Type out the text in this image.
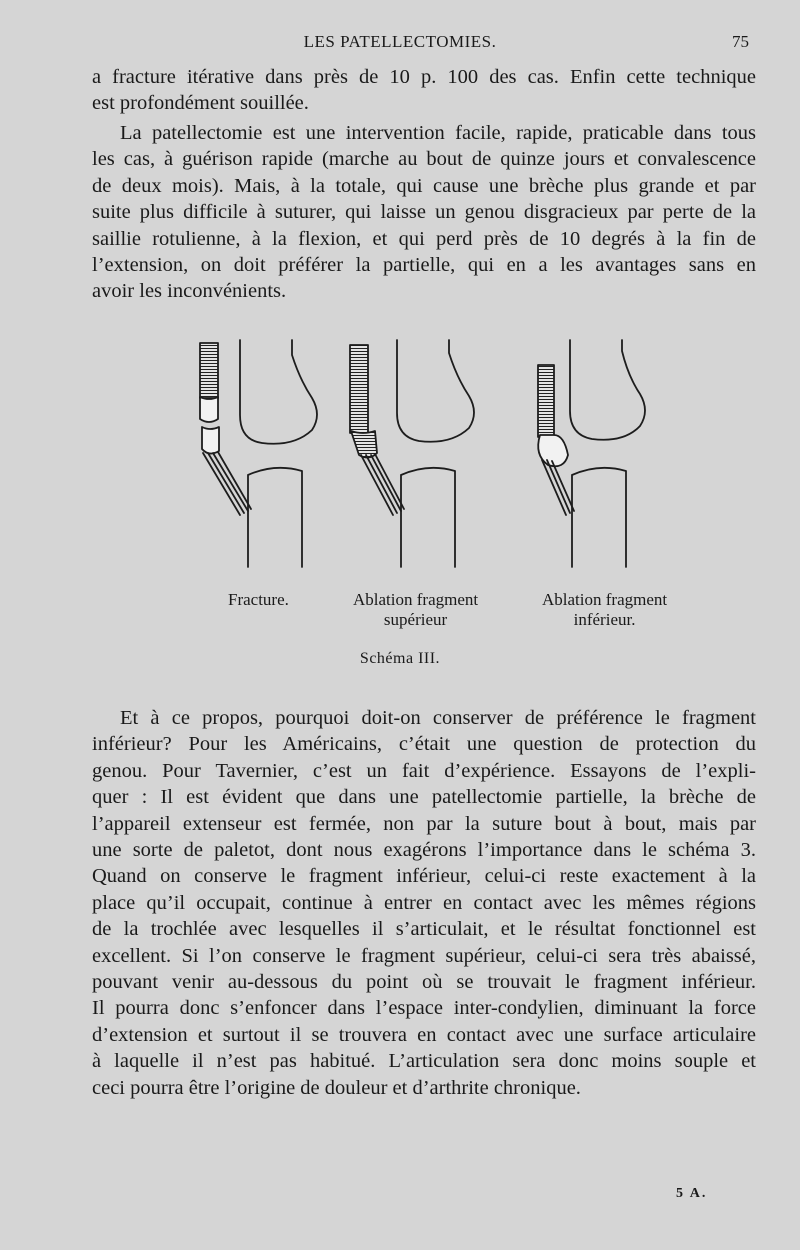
LES PATELLECTOMIES.	75

a fracture itérative dans près de 10 p. 100 des cas. Enfin cette technique
est profondément souillée.

La patellectomie est une intervention facile, rapide, praticable dans tous
les cas, à guérison rapide (marche au bout de quinze jours et convalescence
de deux mois). Mais, à la totale, qui cause une brèche plus grande et par
suite plus difficile à suturer, qui laisse un genou disgracieux par perte de la
saillie rotulienne, à la flexion, et qui perd près de 10 degrés à la fin de
l’extension, on doit préférer la partielle, qui en a les avantages sans en
avoir les inconvénients.

Fracture.	Ablation fragment
supérieur
Ablation fragment
inférieur.
Schéma III.

Et à ce propos, pourquoi doit-on conserver de préférence le fragment
inférieur? Pour les Américains, c’était une question de protection du
genou. Pour Tavernier, c’est un fait d’expérience. Essayons de l’expli-
quer : Il est évident que dans une patellectomie partielle, la brèche de
l’appareil extenseur est fermée, non par la suture bout à bout, mais par
une sorte de paletot, dont nous exagérons l’importance dans le schéma 3.
Quand on conserve le fragment inférieur, celui-ci reste exactement à la
place qu’il occupait, continue à entrer en contact avec les mêmes régions
de la trochlée avec lesquelles il s’articulait, et le résultat fonctionnel est
excellent. Si l’on conserve le fragment supérieur, celui-ci sera très abaissé,
pouvant venir au-dessous du point où se trouvait le fragment inférieur.
Il pourra donc s’enfoncer dans l’espace inter-condylien, diminuant la force
d’extension et surtout il se trouvera en contact avec une surface articulaire
à laquelle il n’est pas habitué. L’articulation sera donc moins souple et
ceci pourra être l’origine de douleur et d’arthrite chronique.

5 A.
